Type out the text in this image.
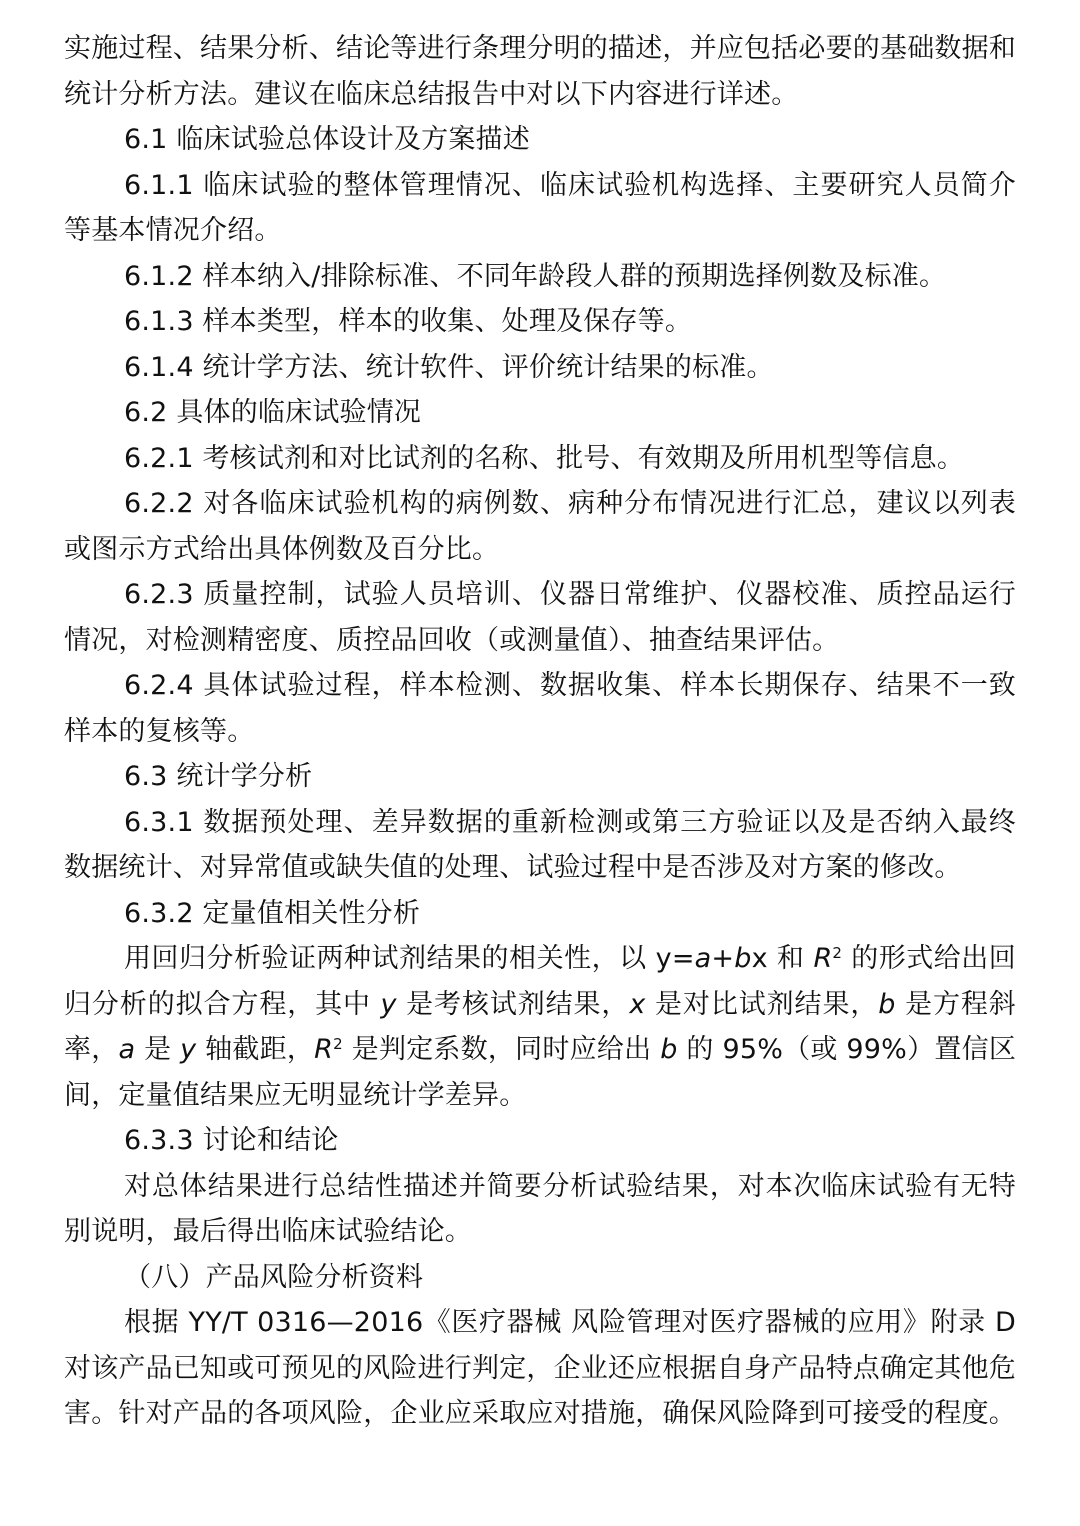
实施过程、结果分析、结论等进行条理分明的描述，并应包括必要的基础数据和统计分析方法。建议在临床总结报告中对以下内容进行详述。

6.1 临床试验总体设计及方案描述

6.1.1 临床试验的整体管理情况、临床试验机构选择、主要研究人员简介等基本情况介绍。

6.1.2 样本纳入/排除标准、不同年龄段人群的预期选择例数及标准。

6.1.3 样本类型，样本的收集、处理及保存等。

6.1.4 统计学方法、统计软件、评价统计结果的标准。

6.2 具体的临床试验情况

6.2.1 考核试剂和对比试剂的名称、批号、有效期及所用机型等信息。

6.2.2 对各临床试验机构的病例数、病种分布情况进行汇总，建议以列表或图示方式给出具体例数及百分比。

6.2.3 质量控制，试验人员培训、仪器日常维护、仪器校准、质控品运行情况，对检测精密度、质控品回收（或测量值）、抽查结果评估。

6.2.4 具体试验过程，样本检测、数据收集、样本长期保存、结果不一致样本的复核等。

6.3 统计学分析

6.3.1 数据预处理、差异数据的重新检测或第三方验证以及是否纳入最终数据统计、对异常值或缺失值的处理、试验过程中是否涉及对方案的修改。

6.3.2 定量值相关性分析

用回归分析验证两种试剂结果的相关性，以 y=a+bx 和 $R^2$ 的形式给出回归分析的拟合方程，其中 y 是考核试剂结果，x 是对比试剂结果，b 是方程斜率，a 是 y 轴截距，$R^2$ 是判定系数，同时应给出 b 的 95%（或 99%）置信区间，定量值结果应无明显统计学差异。

6.3.3 讨论和结论

对总体结果进行总结性描述并简要分析试验结果，对本次临床试验有无特别说明，最后得出临床试验结论。

（八）产品风险分析资料

根据 YY/T 0316—2016《医疗器械 风险管理对医疗器械的应用》附录 D 对该产品已知或可预见的风险进行判定，企业还应根据自身产品特点确定其他危害。针对产品的各项风险，企业应采取应对措施，确保风险降到可接受的程度。
